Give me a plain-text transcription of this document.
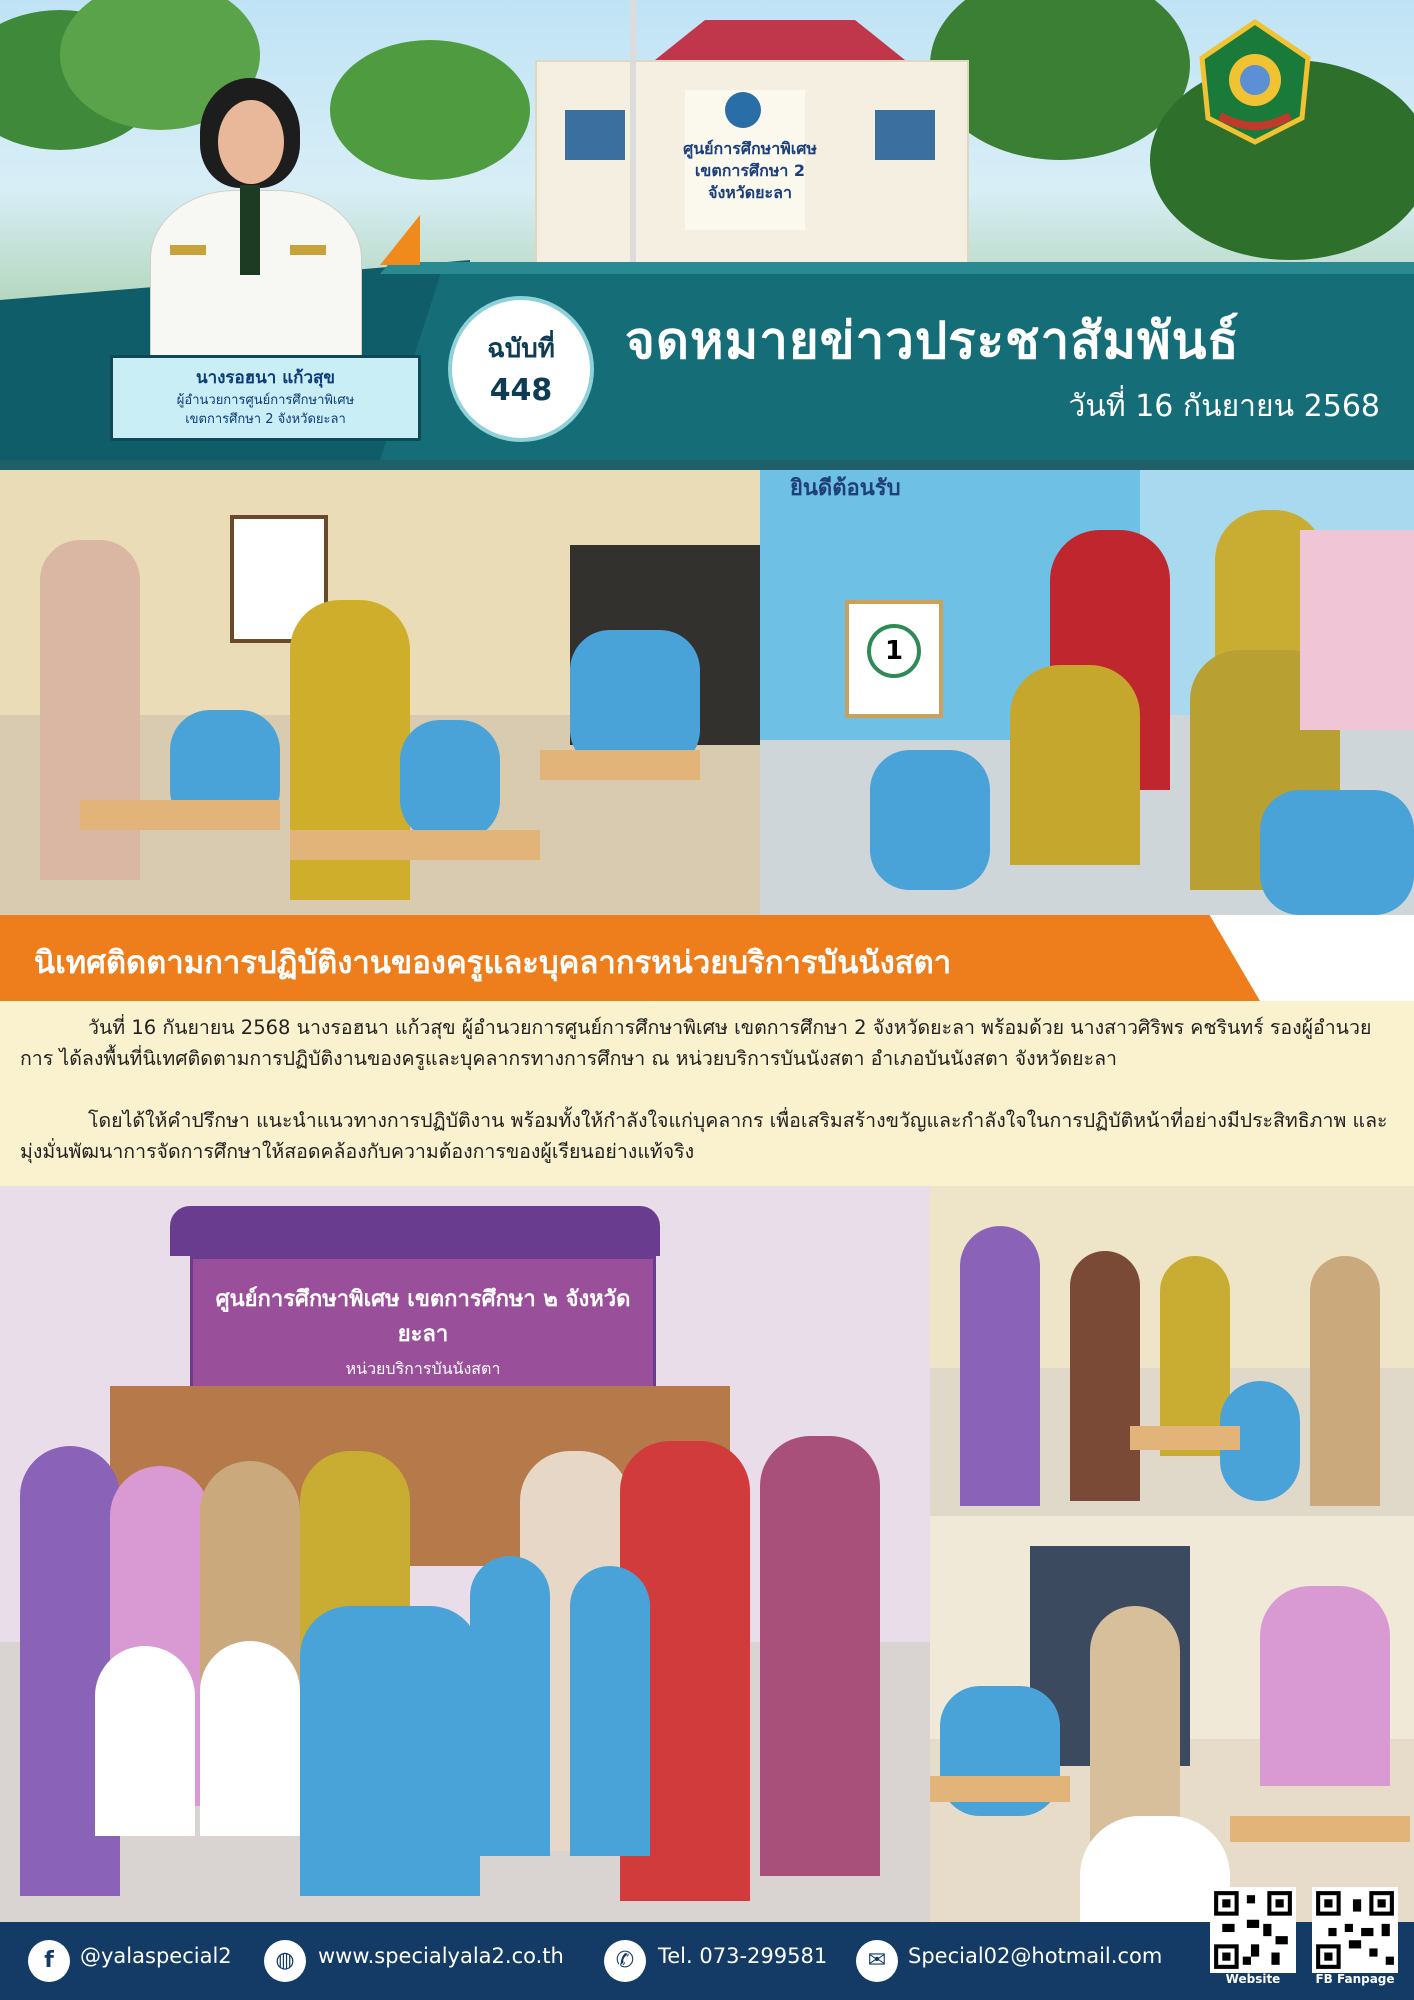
ศูนย์การศึกษาพิเศษ
เขตการศึกษา 2
จังหวัดยะลา
นางรอฮนา แก้วสุข
ผู้อำนวยการศูนย์การศึกษาพิเศษ
เขตการศึกษา 2 จังหวัดยะลา
ฉบับที่
448
จดหมายข่าวประชาสัมพันธ์
วันที่ 16 กันยายน 2568
ยินดีต้อนรับ
1
นิเทศติดตามการปฏิบัติงานของครูและบุคลากรหน่วยบริการบันนังสตา

วันที่ 16 กันยายน 2568 นางรอฮนา แก้วสุข ผู้อำนวยการศูนย์การศึกษาพิเศษ เขตการศึกษา 2 จังหวัดยะลา พร้อมด้วย นางสาวศิริพร คชรินทร์ รองผู้อำนวยการ ได้ลงพื้นที่นิเทศติดตามการปฏิบัติงานของครูและบุคลากรทางการศึกษา ณ หน่วยบริการบันนังสตา อำเภอบันนังสตา จังหวัดยะลา

โดยได้ให้คำปรึกษา แนะนำแนวทางการปฏิบัติงาน พร้อมทั้งให้กำลังใจแก่บุคลากร เพื่อเสริมสร้างขวัญและกำลังใจในการปฏิบัติหน้าที่อย่างมีประสิทธิภาพ และมุ่งมั่นพัฒนาการจัดการศึกษาให้สอดคล้องกับความต้องการของผู้เรียนอย่างแท้จริง

ศูนย์การศึกษาพิเศษ เขตการศึกษา ๒ จังหวัดยะลา
หน่วยบริการบันนังสตา
f	@yalaspecial2	◍	www.specialyala2.co.th	✆	Tel. 073-299581	✉	Special02@hotmail.com
Website	FB Fanpage
